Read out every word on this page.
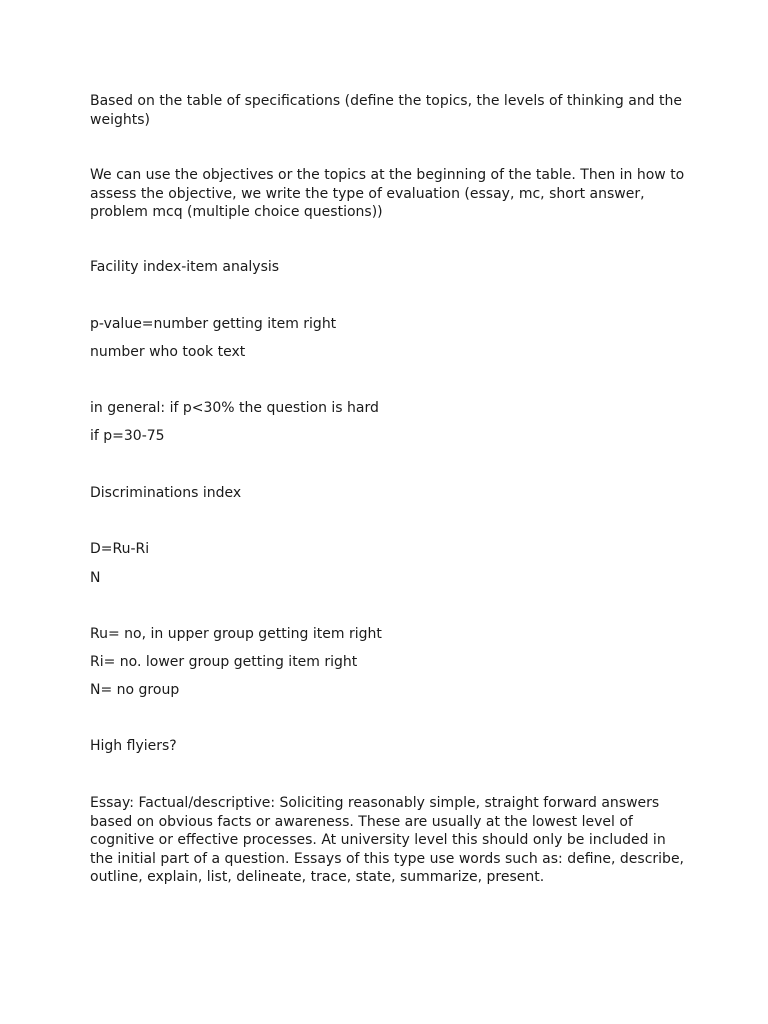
Based on the table of specifications (define the topics, the levels of thinking and the
weights)

We can use the objectives or the topics at the beginning of the table. Then in how to
assess the objective, we write the type of evaluation (essay, mc, short answer,
problem mcq (multiple choice questions))

Facility index-item analysis

p-value=number getting item right

number who took text

in general: if p<30% the question is hard

if p=30-75

Discriminations index

D=Ru-Ri

N

Ru= no, in upper group getting item right

Ri= no. lower group getting item right

N= no group

High flyiers?

Essay: Factual/descriptive: Soliciting reasonably simple, straight forward answers
based on obvious facts or awareness. These are usually at the lowest level of
cognitive or effective processes. At university level this should only be included in
the initial part of a question. Essays of this type use words such as: define, describe,
outline, explain, list, delineate, trace, state, summarize, present.
